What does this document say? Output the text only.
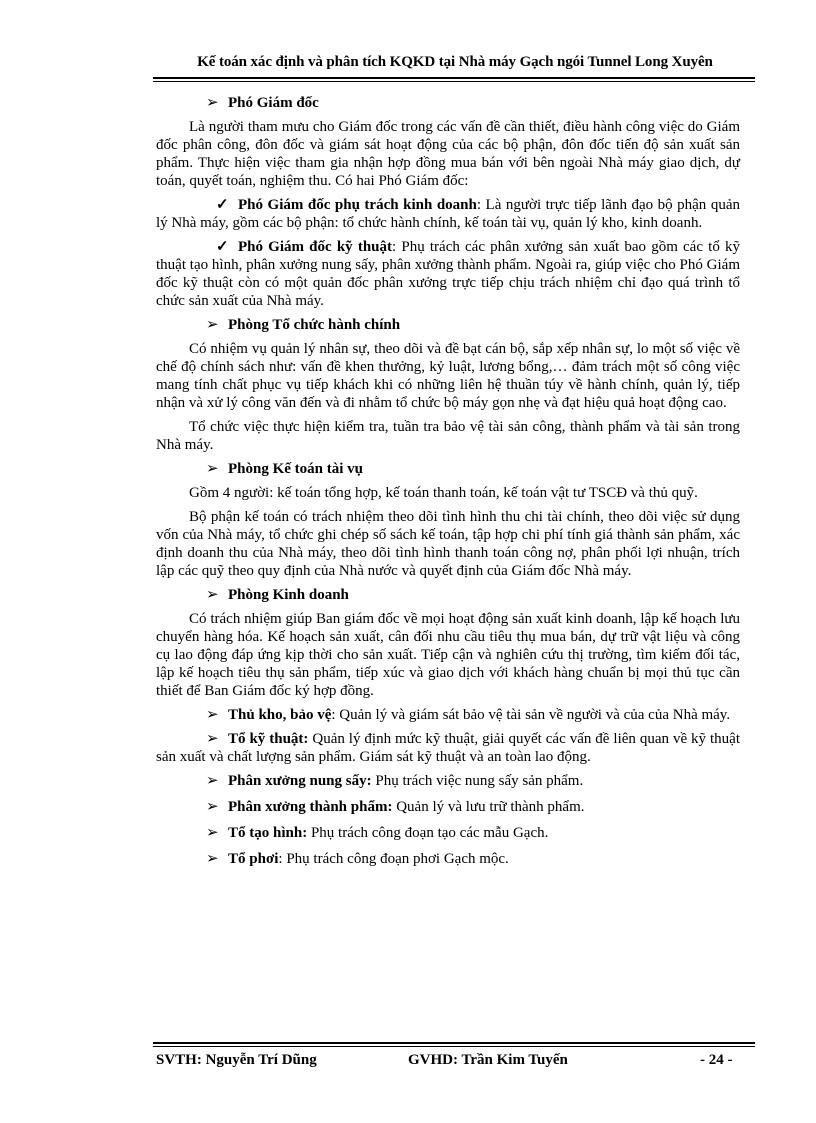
Kế toán xác định và phân tích KQKD tại Nhà máy Gạch ngói Tunnel Long Xuyên
➢ Phó Giám đốc

Là người tham mưu cho Giám đốc trong các vấn đề cần thiết, điều hành công việc do Giám đốc phân công, đôn đốc và giám sát hoạt động của các bộ phận, đôn đốc tiến độ sản xuất sản phẩm. Thực hiện việc tham gia nhận hợp đồng mua bán với bên ngoài Nhà máy giao dịch, dự toán, quyết toán, nghiệm thu. Có hai Phó Giám đốc:

✓ Phó Giám đốc phụ trách kinh doanh: Là người trực tiếp lãnh đạo bộ phận quản lý Nhà máy, gồm các bộ phận: tổ chức hành chính, kế toán tài vụ, quản lý kho, kinh doanh.

✓ Phó Giám đốc kỹ thuật: Phụ trách các phân xưởng sản xuất bao gồm các tổ kỹ thuật tạo hình, phân xưởng nung sấy, phân xưởng thành phẩm. Ngoài ra, giúp việc cho Phó Giám đốc kỹ thuật còn có một quản đốc phân xưởng trực tiếp chịu trách nhiệm chỉ đạo quá trình tổ chức sản xuất của Nhà máy.

➢ Phòng Tổ chức hành chính

Có nhiệm vụ quản lý nhân sự, theo dõi và đề bạt cán bộ, sắp xếp nhân sự, lo một số việc về chế độ chính sách như: vấn đề khen thưởng, kỷ luật, lương bổng,… đảm trách một số công việc mang tính chất phục vụ tiếp khách khi có những liên hệ thuần túy về hành chính, quản lý, tiếp nhận và xử lý công văn đến và đi nhằm tổ chức bộ máy gọn nhẹ và đạt hiệu quả hoạt động cao.

Tổ chức việc thực hiện kiểm tra, tuần tra bảo vệ tài sản công, thành phẩm và tài sản trong Nhà máy.

➢ Phòng Kế toán tài vụ

Gồm 4 người: kế toán tổng hợp, kế toán thanh toán, kế toán vật tư TSCĐ và thủ quỹ.

Bộ phận kế toán có trách nhiệm theo dõi tình hình thu chi tài chính, theo dõi việc sử dụng vốn của Nhà máy, tổ chức ghi chép số sách kế toán, tập hợp chi phí tính giá thành sản phẩm, xác định doanh thu của Nhà máy, theo dõi tình hình thanh toán công nợ, phân phối lợi nhuận, trích lập các quỹ theo quy định của Nhà nước và quyết định của Giám đốc Nhà máy.

➢ Phòng Kinh doanh

Có trách nhiệm giúp Ban giám đốc về mọi hoạt động sản xuất kinh doanh, lập kế hoạch lưu chuyển hàng hóa. Kế hoạch sản xuất, cân đối nhu cầu tiêu thụ mua bán, dự trữ vật liệu và công cụ lao động đáp ứng kịp thời cho sản xuất. Tiếp cận và nghiên cứu thị trường, tìm kiếm đối tác, lập kế hoạch tiêu thụ sản phẩm, tiếp xúc và giao dịch với khách hàng chuẩn bị mọi thủ tục cần thiết để Ban Giám đốc ký hợp đồng.

➢ Thủ kho, bảo vệ: Quản lý và giám sát bảo vệ tài sản về người và của của Nhà máy.

➢ Tổ kỹ thuật: Quản lý định mức kỹ thuật, giải quyết các vấn đề liên quan về kỹ thuật sản xuất và chất lượng sản phẩm. Giám sát kỹ thuật và an toàn lao động.

➢ Phân xưởng nung sấy: Phụ trách việc nung sấy sản phẩm.
➢ Phân xưởng thành phẩm: Quản lý và lưu trữ thành phẩm.
➢ Tổ tạo hình: Phụ trách công đoạn tạo các mẫu Gạch.
➢ Tổ phơi: Phụ trách công đoạn phơi Gạch mộc.
SVTH: Nguyễn Trí Dũng	GVHD: Trần Kim Tuyến	- 24 -
